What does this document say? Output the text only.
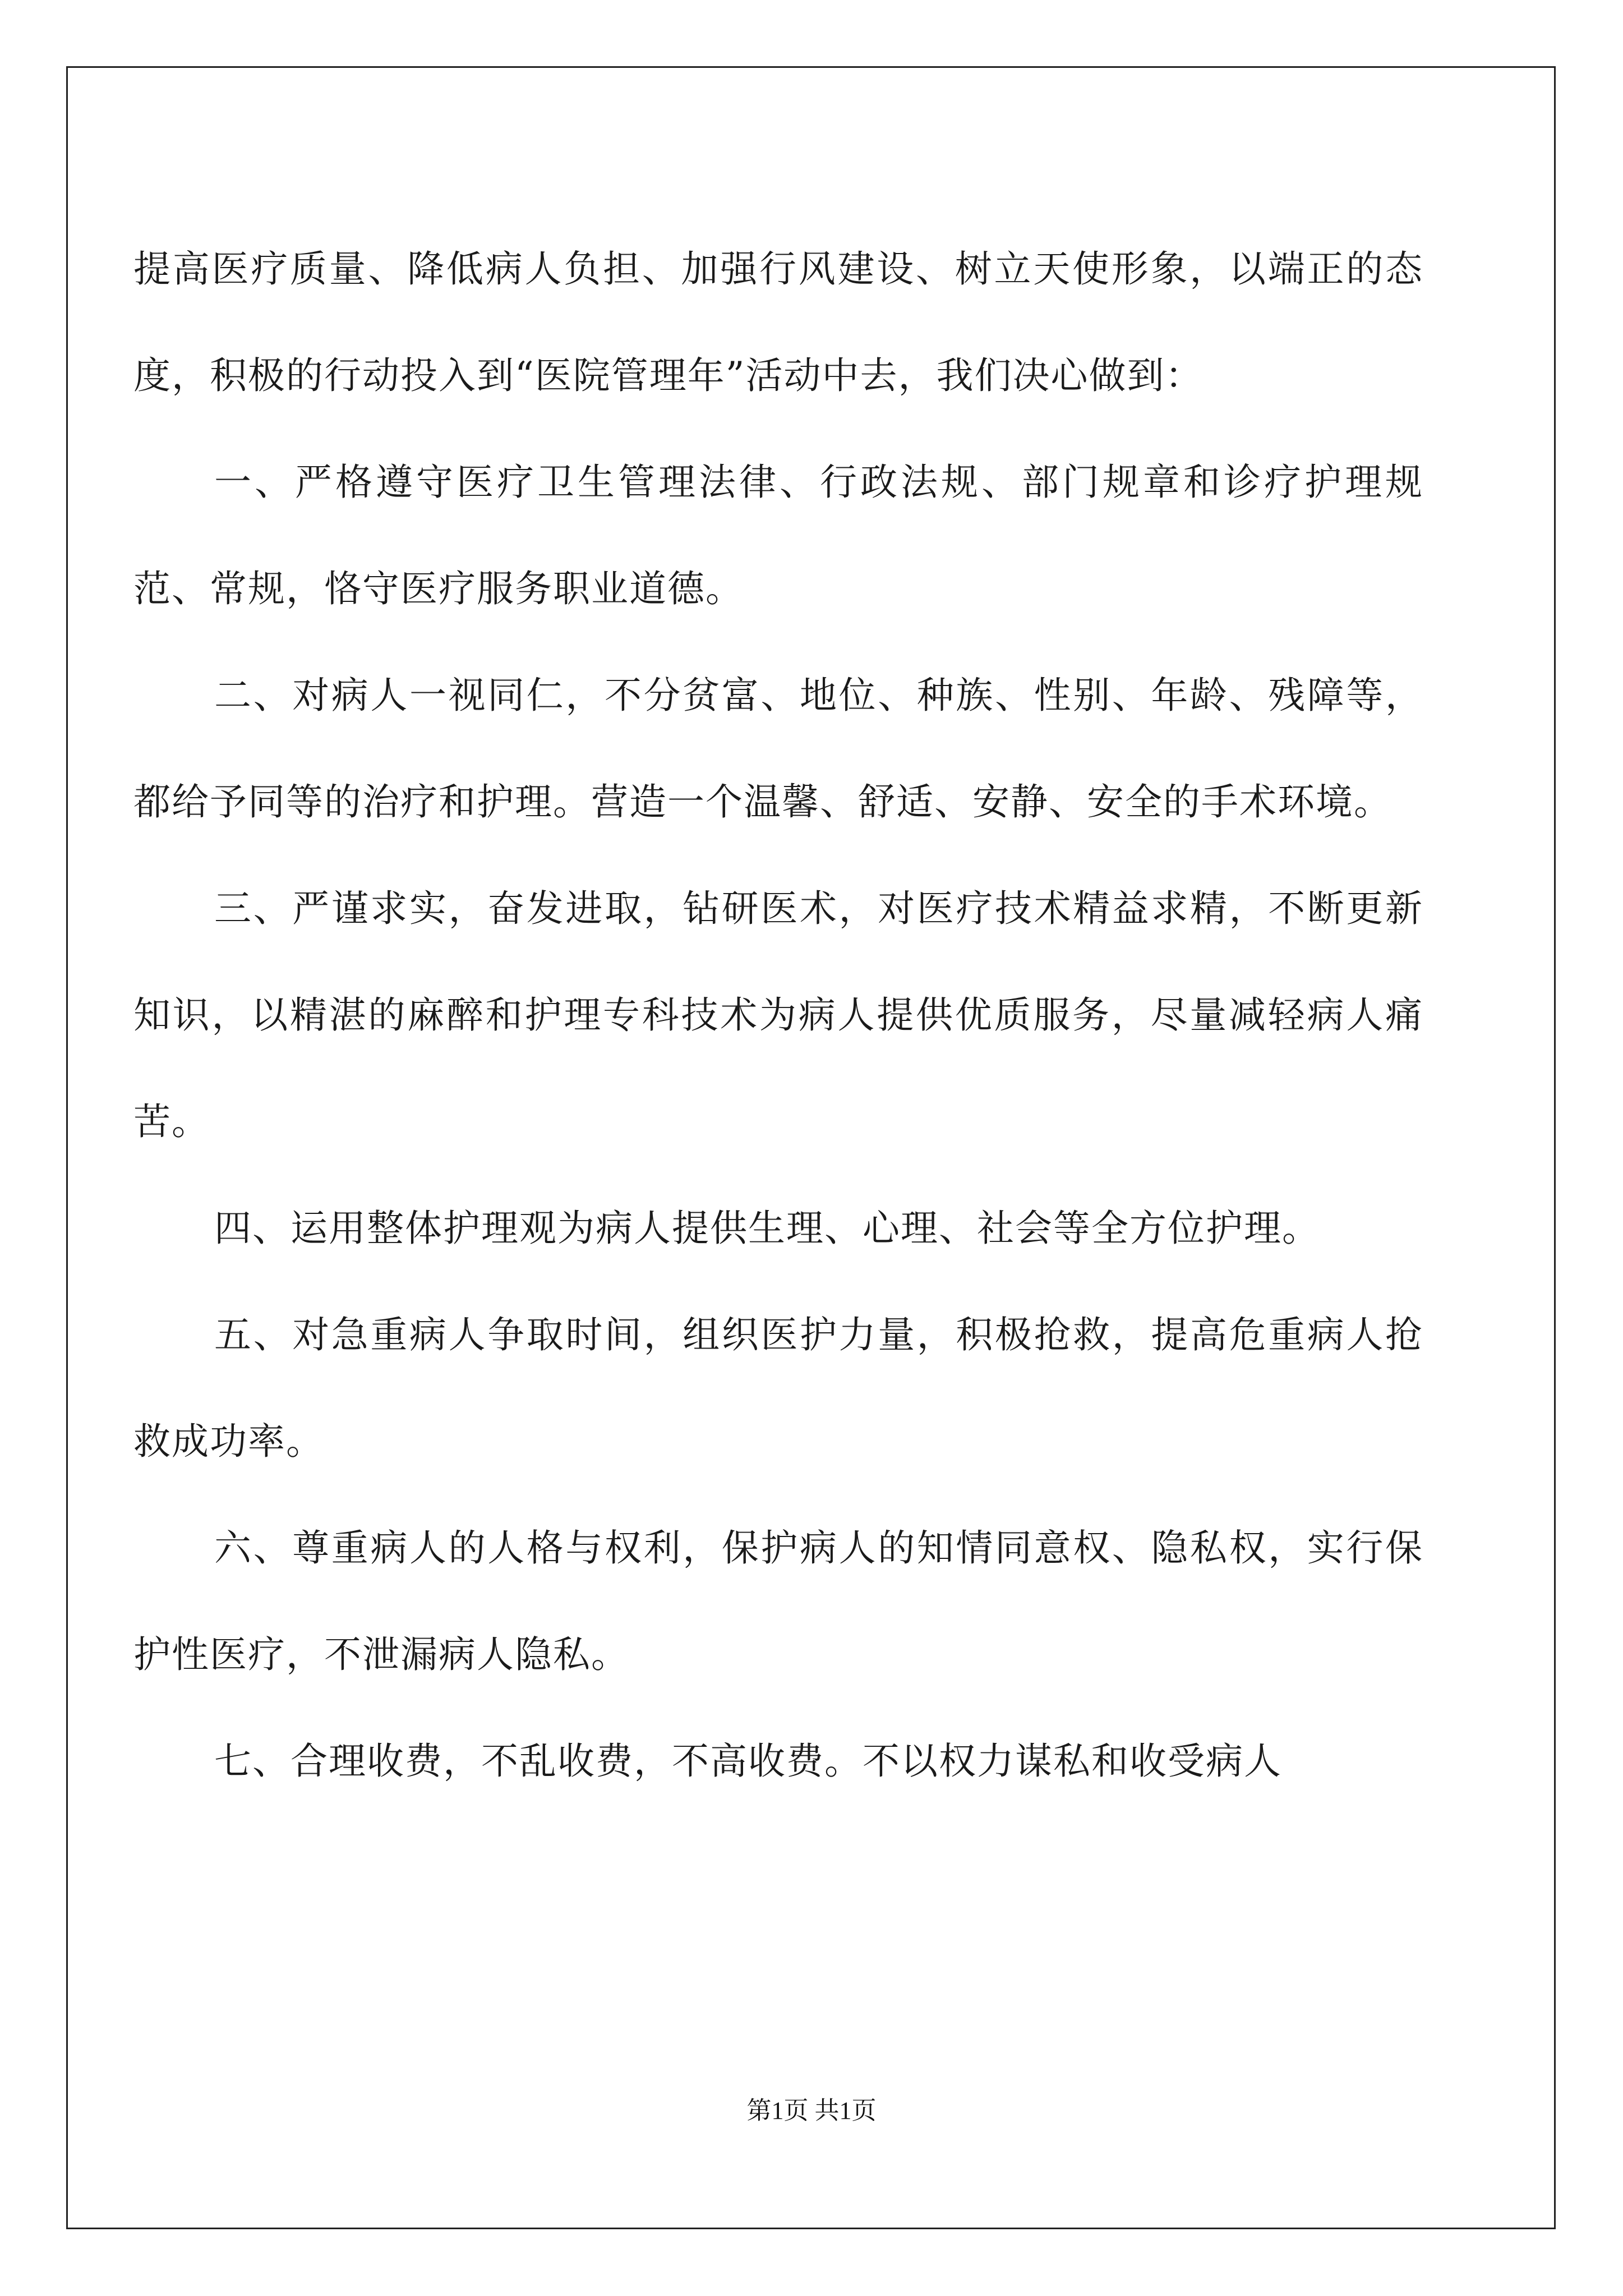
提高医疗质量、降低病人负担、加强行风建设、树立天使形象，以端正的态度，积极的行动投入到“医院管理年”活动中去，我们决心做到：

一、严格遵守医疗卫生管理法律、行政法规、部门规章和诊疗护理规范、常规，恪守医疗服务职业道德。

二、对病人一视同仁，不分贫富、地位、种族、性别、年龄、残障等，都给予同等的治疗和护理。营造一个温馨、舒适、安静、安全的手术环境。

三、严谨求实，奋发进取，钻研医术，对医疗技术精益求精，不断更新知识，以精湛的麻醉和护理专科技术为病人提供优质服务，尽量减轻病人痛苦。

四、运用整体护理观为病人提供生理、心理、社会等全方位护理。

五、对急重病人争取时间，组织医护力量，积极抢救，提高危重病人抢救成功率。

六、尊重病人的人格与权利，保护病人的知情同意权、隐私权，实行保护性医疗，不泄漏病人隐私。

七、合理收费，不乱收费，不高收费。不以权力谋私和收受病人

第1页 共1页
